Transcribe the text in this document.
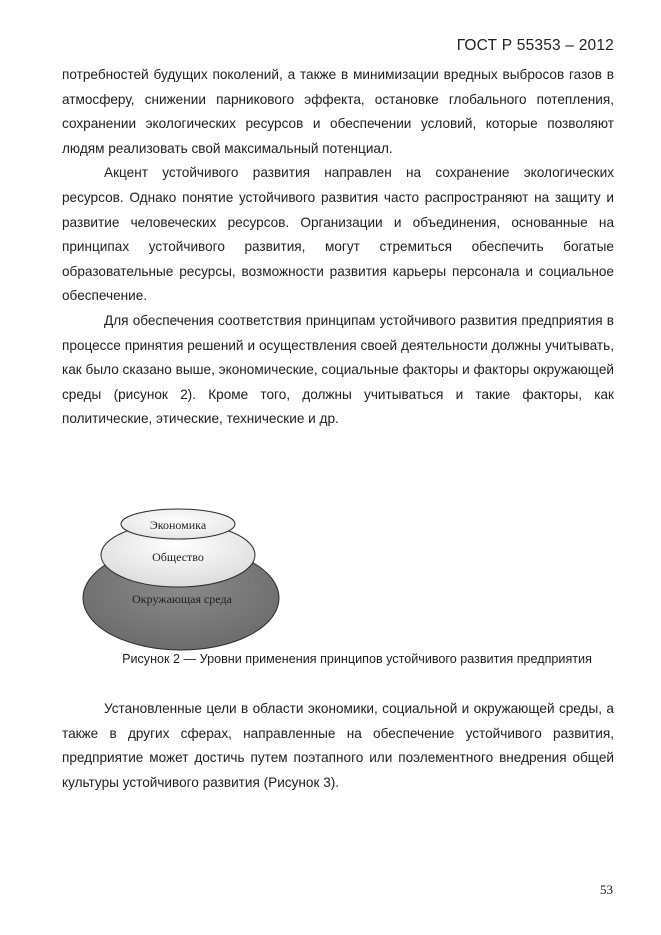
ГОСТ Р 55353 – 2012

потребностей будущих поколений, а также в минимизации вредных выбросов газов в атмосферу, снижении парникового эффекта, остановке глобального потепления, сохранении экологических ресурсов и обеспечении условий, которые позволяют людям реализовать свой максимальный потенциал.

Акцент устойчивого развития направлен на сохранение экологических ресурсов. Однако понятие устойчивого развития часто распространяют на защиту и развитие человеческих ресурсов. Организации и объединения, основанные на принципах устойчивого развития, могут стремиться обеспечить богатые образовательные ресурсы, возможности развития карьеры персонала и социальное обеспечение.

Для обеспечения соответствия принципам устойчивого развития предприятия в процессе принятия решений и осуществления своей деятельности должны учитывать, как было сказано выше, экономические, социальные факторы и факторы окружающей среды (рисунок 2). Кроме того, должны учитываться и такие факторы, как политические, этические, технические и др.

Экономика
Общество
Окружающая среда
Рисунок 2 — Уровни применения принципов устойчивого развития предприятия

Установленные цели в области экономики, социальной и окружающей среды, а также в других сферах, направленные на обеспечение устойчивого развития, предприятие может достичь путем поэтапного или поэлементного внедрения общей культуры устойчивого развития (Рисунок 3).

53
